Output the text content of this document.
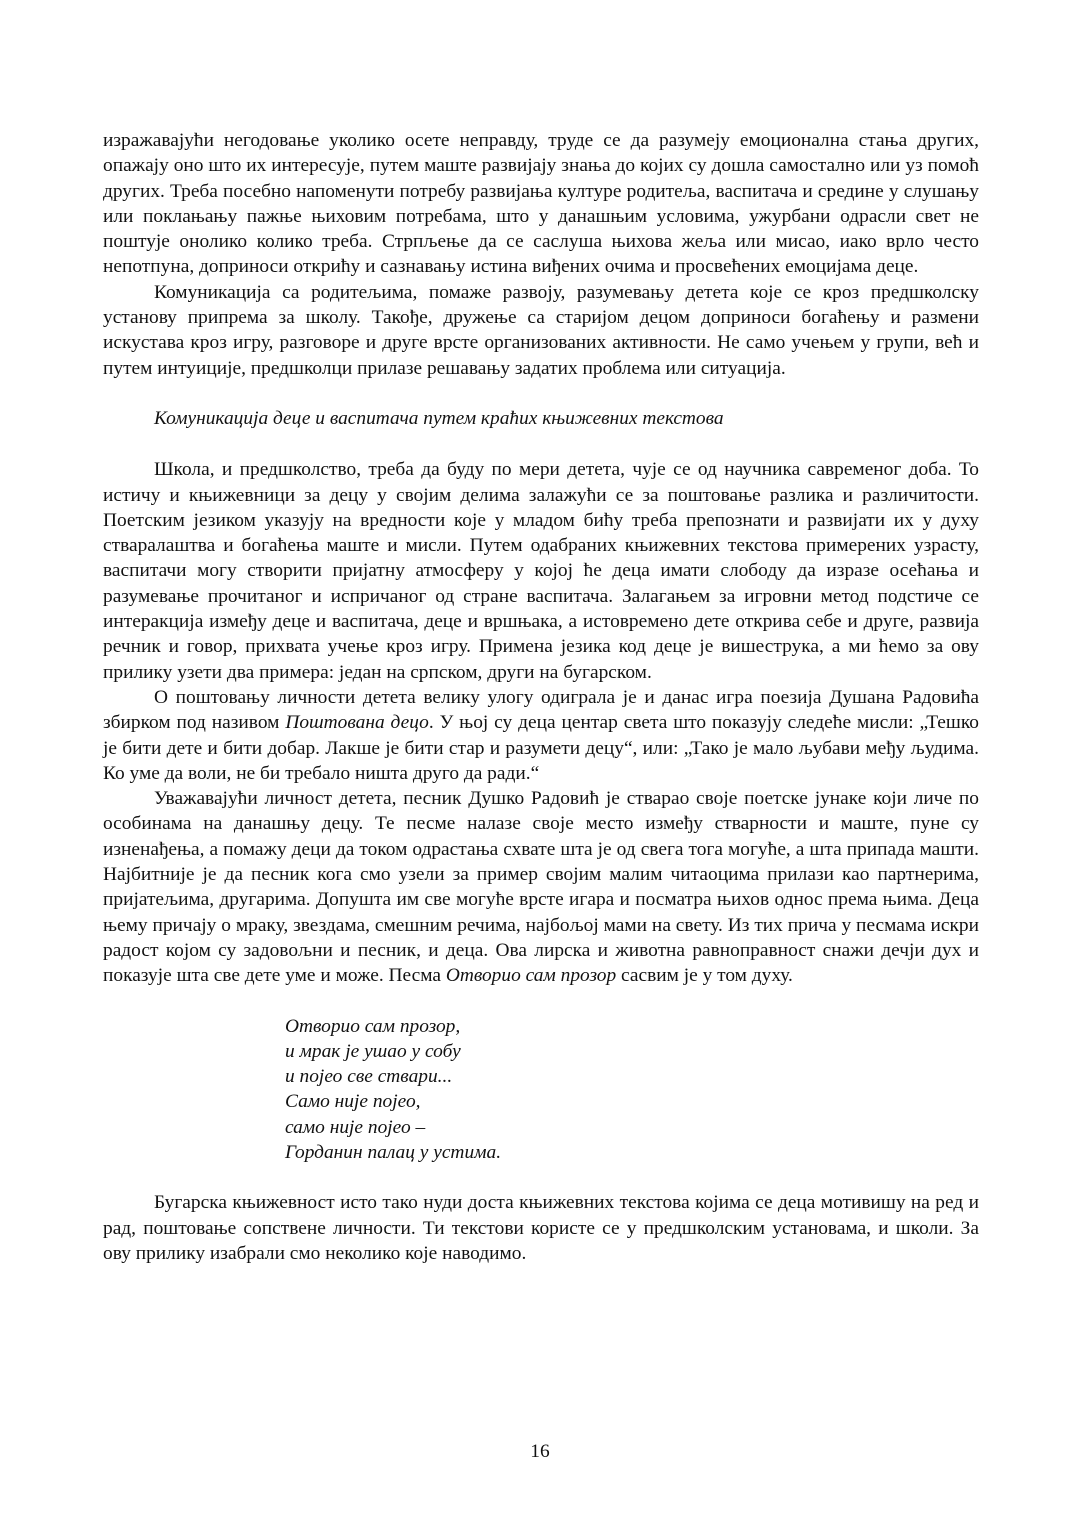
изражавајући негодовање уколико осете неправду, труде се да разумеју емоционална стања других, опажају оно што их интересује, путем маште развијају знања до којих су дошла самостално или уз помоћ других. Треба посебно напоменути потребу развијања културе родитеља, васпитача и средине у слушању или поклањању пажње њиховим потребама, што у данашњим условима, ужурбани одрасли свет не поштује онолико колико треба. Стрпљење да се саслуша њихова жеља или мисао, иако врло често непотпуна, доприноси открићу и сазнавању истина виђених очима и просвећених емоцијама деце.

Комуникација са родитељима, помаже развоју, разумевању детета које се кроз предшколску установу припрема за школу. Такође, дружење са старијом децом доприноси богаћењу и размени искустава кроз игру, разговоре и друге врсте организованих активности. Не само учењем у групи, већ и путем интуиције, предшколци прилазе решавању задатих проблема или ситуација.

Комуникација деце и васпитача путем краћих књижевних текстова

Школа, и предшколство, треба да буду по мери детета, чује се од научника савременог доба. То истичу и књижевници за децу у својим делима залажући се за поштовање разлика и различитости. Поетским језиком указују на вредности које у младом бићу треба препознати и развијати их у духу стваралаштва и богаћења маште и мисли. Путем одабраних књижевних текстова примерених узрасту, васпитачи могу створити пријатну атмосферу у којој ће деца имати слободу да изразе осећања и разумевање прочитаног и испричаног од стране васпитача. Залагањем за игровни метод подстиче се интеракција између деце и васпитача, деце и вршњака, а истовремено дете открива себе и друге, развија речник и говор, прихвата учење кроз игру. Примена језика код деце је вишеструка, а ми ћемо за ову прилику узети два примера: један на српском, други на бугарском.

О поштовању личности детета велику улогу одиграла је и данас игра поезија Душана Радовића збирком под називом Поштована децо. У њој су деца центар света што показују следеће мисли: „Тешко је бити дете и бити добар. Лакше је бити стар и разумети децу“, или: „Тако је мало љубави међу људима. Ко уме да воли, не би требало ништа друго да ради.“

Уважавајући личност детета, песник Душко Радовић је стварао своје поетске јунаке који личе по особинама на данашњу децу. Те песме налазе своје место између стварности и маште, пуне су изненађења, а помажу деци да током одрастања схвате шта је од свега тога могуће, а шта припада машти. Најбитније је да песник кога смо узели за пример својим малим читаоцима прилази као партнерима, пријатељима, другарима. Допушта им све могуће врсте игара и посматра њихов однос према њима. Деца њему причају о мраку, звездама, смешним речима, најбољој мами на свету. Из тих прича у песмама искри радост којом су задовољни и песник, и деца. Ова лирска и животна равноправност снажи дечји дух и показује шта све дете уме и може. Песма Отворио сам прозор сасвим је у том духу.

Отворио сам прозор,
и мрак је ушао у собу
и појео све ствари...
Само није појео,
само није појео –
Горданин палац у устима.

Бугарска књижевност исто тако нуди доста књижевних текстова којима се деца мотивишу на ред и рад, поштовање сопствене личности. Ти текстови користе се у предшколским установама, и школи. За ову прилику изабрали смо неколико које наводимо.

16
